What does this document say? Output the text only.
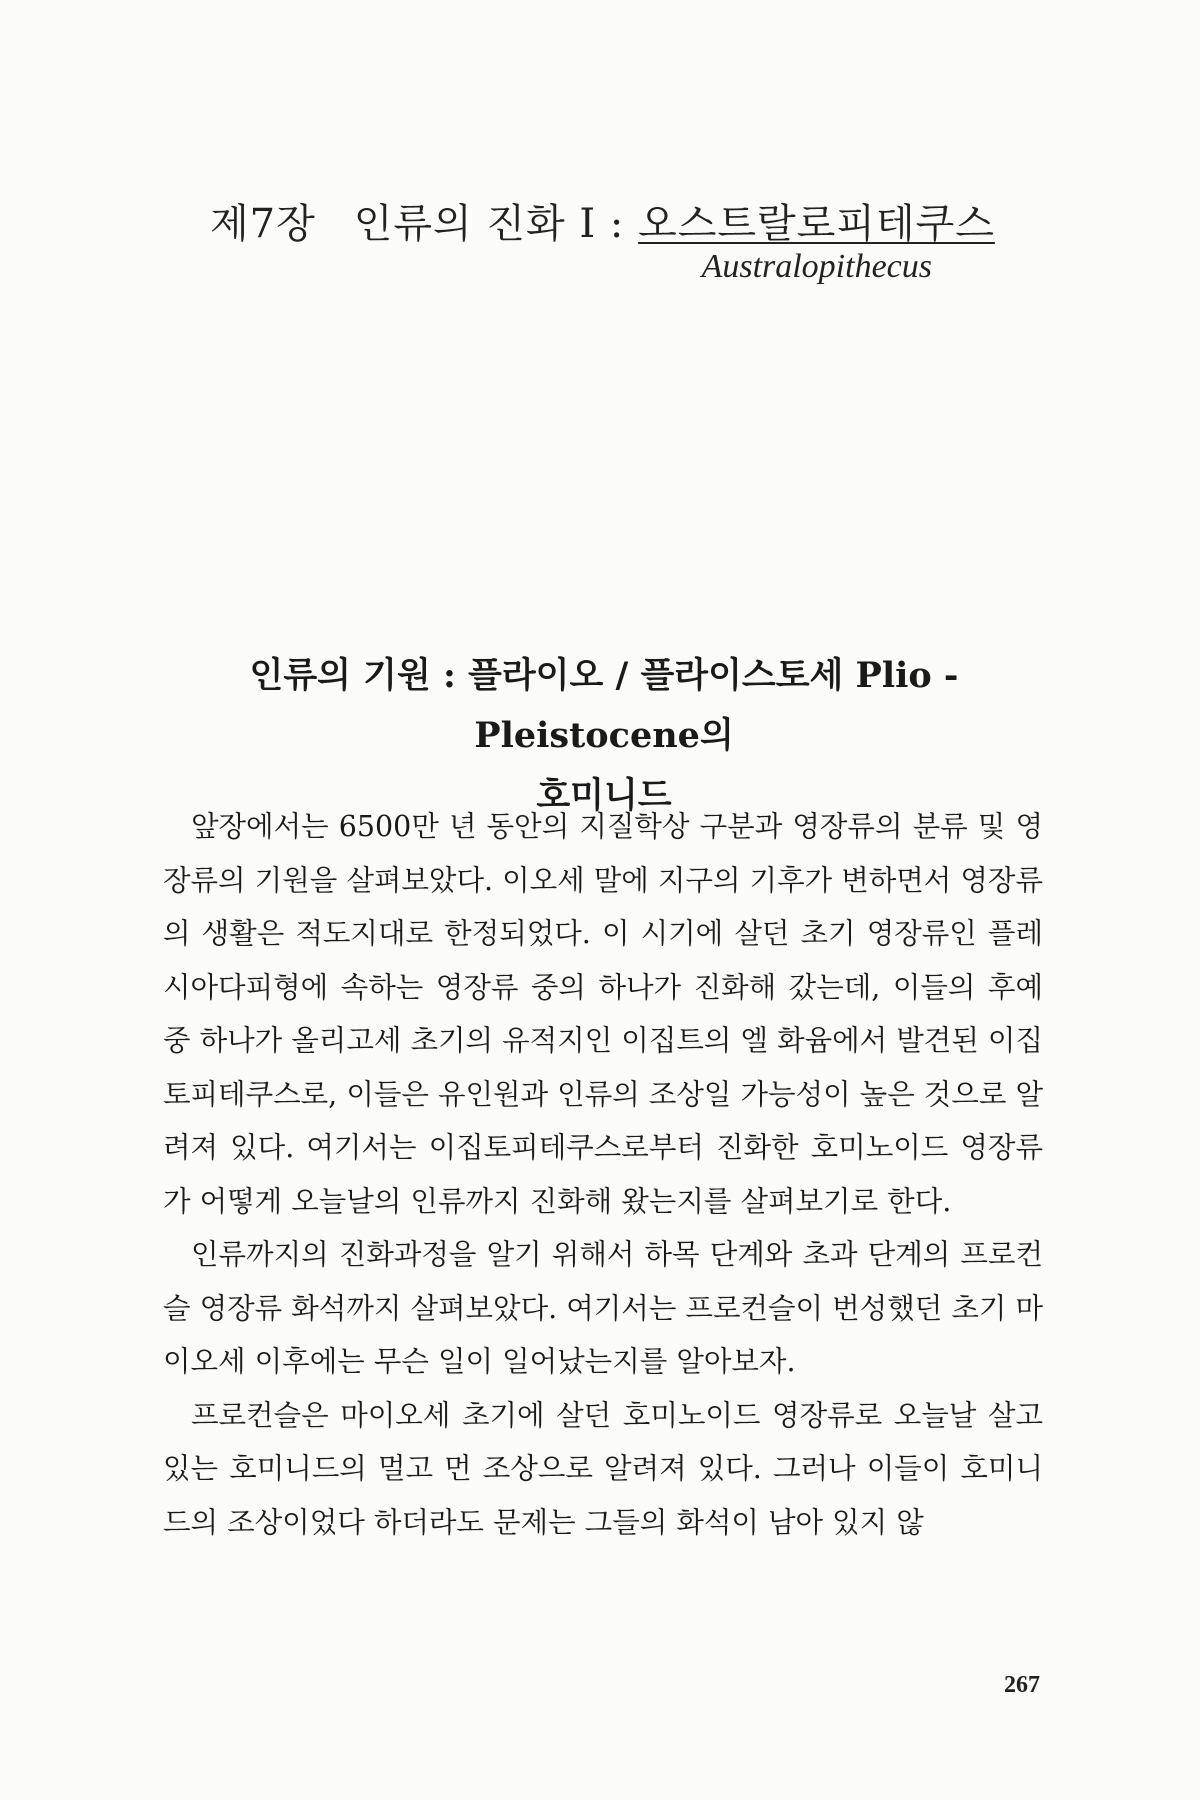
제7장 인류의 진화 Ⅰ : 오스트랄로피테쿠스
Australopithecus
인류의 기원 : 플라이오 / 플라이스토세 Plio - Pleistocene의
호미니드

앞장에서는 6500만 년 동안의 지질학상 구분과 영장류의 분류 및 영장류의 기원을 살펴보았다. 이오세 말에 지구의 기후가 변하면서 영장류의 생활은 적도지대로 한정되었다. 이 시기에 살던 초기 영장류인 플레시아다피형에 속하는 영장류 중의 하나가 진화해 갔는데, 이들의 후예 중 하나가 올리고세 초기의 유적지인 이집트의 엘 화윰에서 발견된 이집토피테쿠스로, 이들은 유인원과 인류의 조상일 가능성이 높은 것으로 알려져 있다. 여기서는 이집토피테쿠스로부터 진화한 호미노이드 영장류가 어떻게 오늘날의 인류까지 진화해 왔는지를 살펴보기로 한다.

인류까지의 진화과정을 알기 위해서 하목 단계와 초과 단계의 프로컨슬 영장류 화석까지 살펴보았다. 여기서는 프로컨슬이 번성했던 초기 마이오세 이후에는 무슨 일이 일어났는지를 알아보자.

프로컨슬은 마이오세 초기에 살던 호미노이드 영장류로 오늘날 살고 있는 호미니드의 멀고 먼 조상으로 알려져 있다. 그러나 이들이 호미니드의 조상이었다 하더라도 문제는 그들의 화석이 남아 있지 않

267
